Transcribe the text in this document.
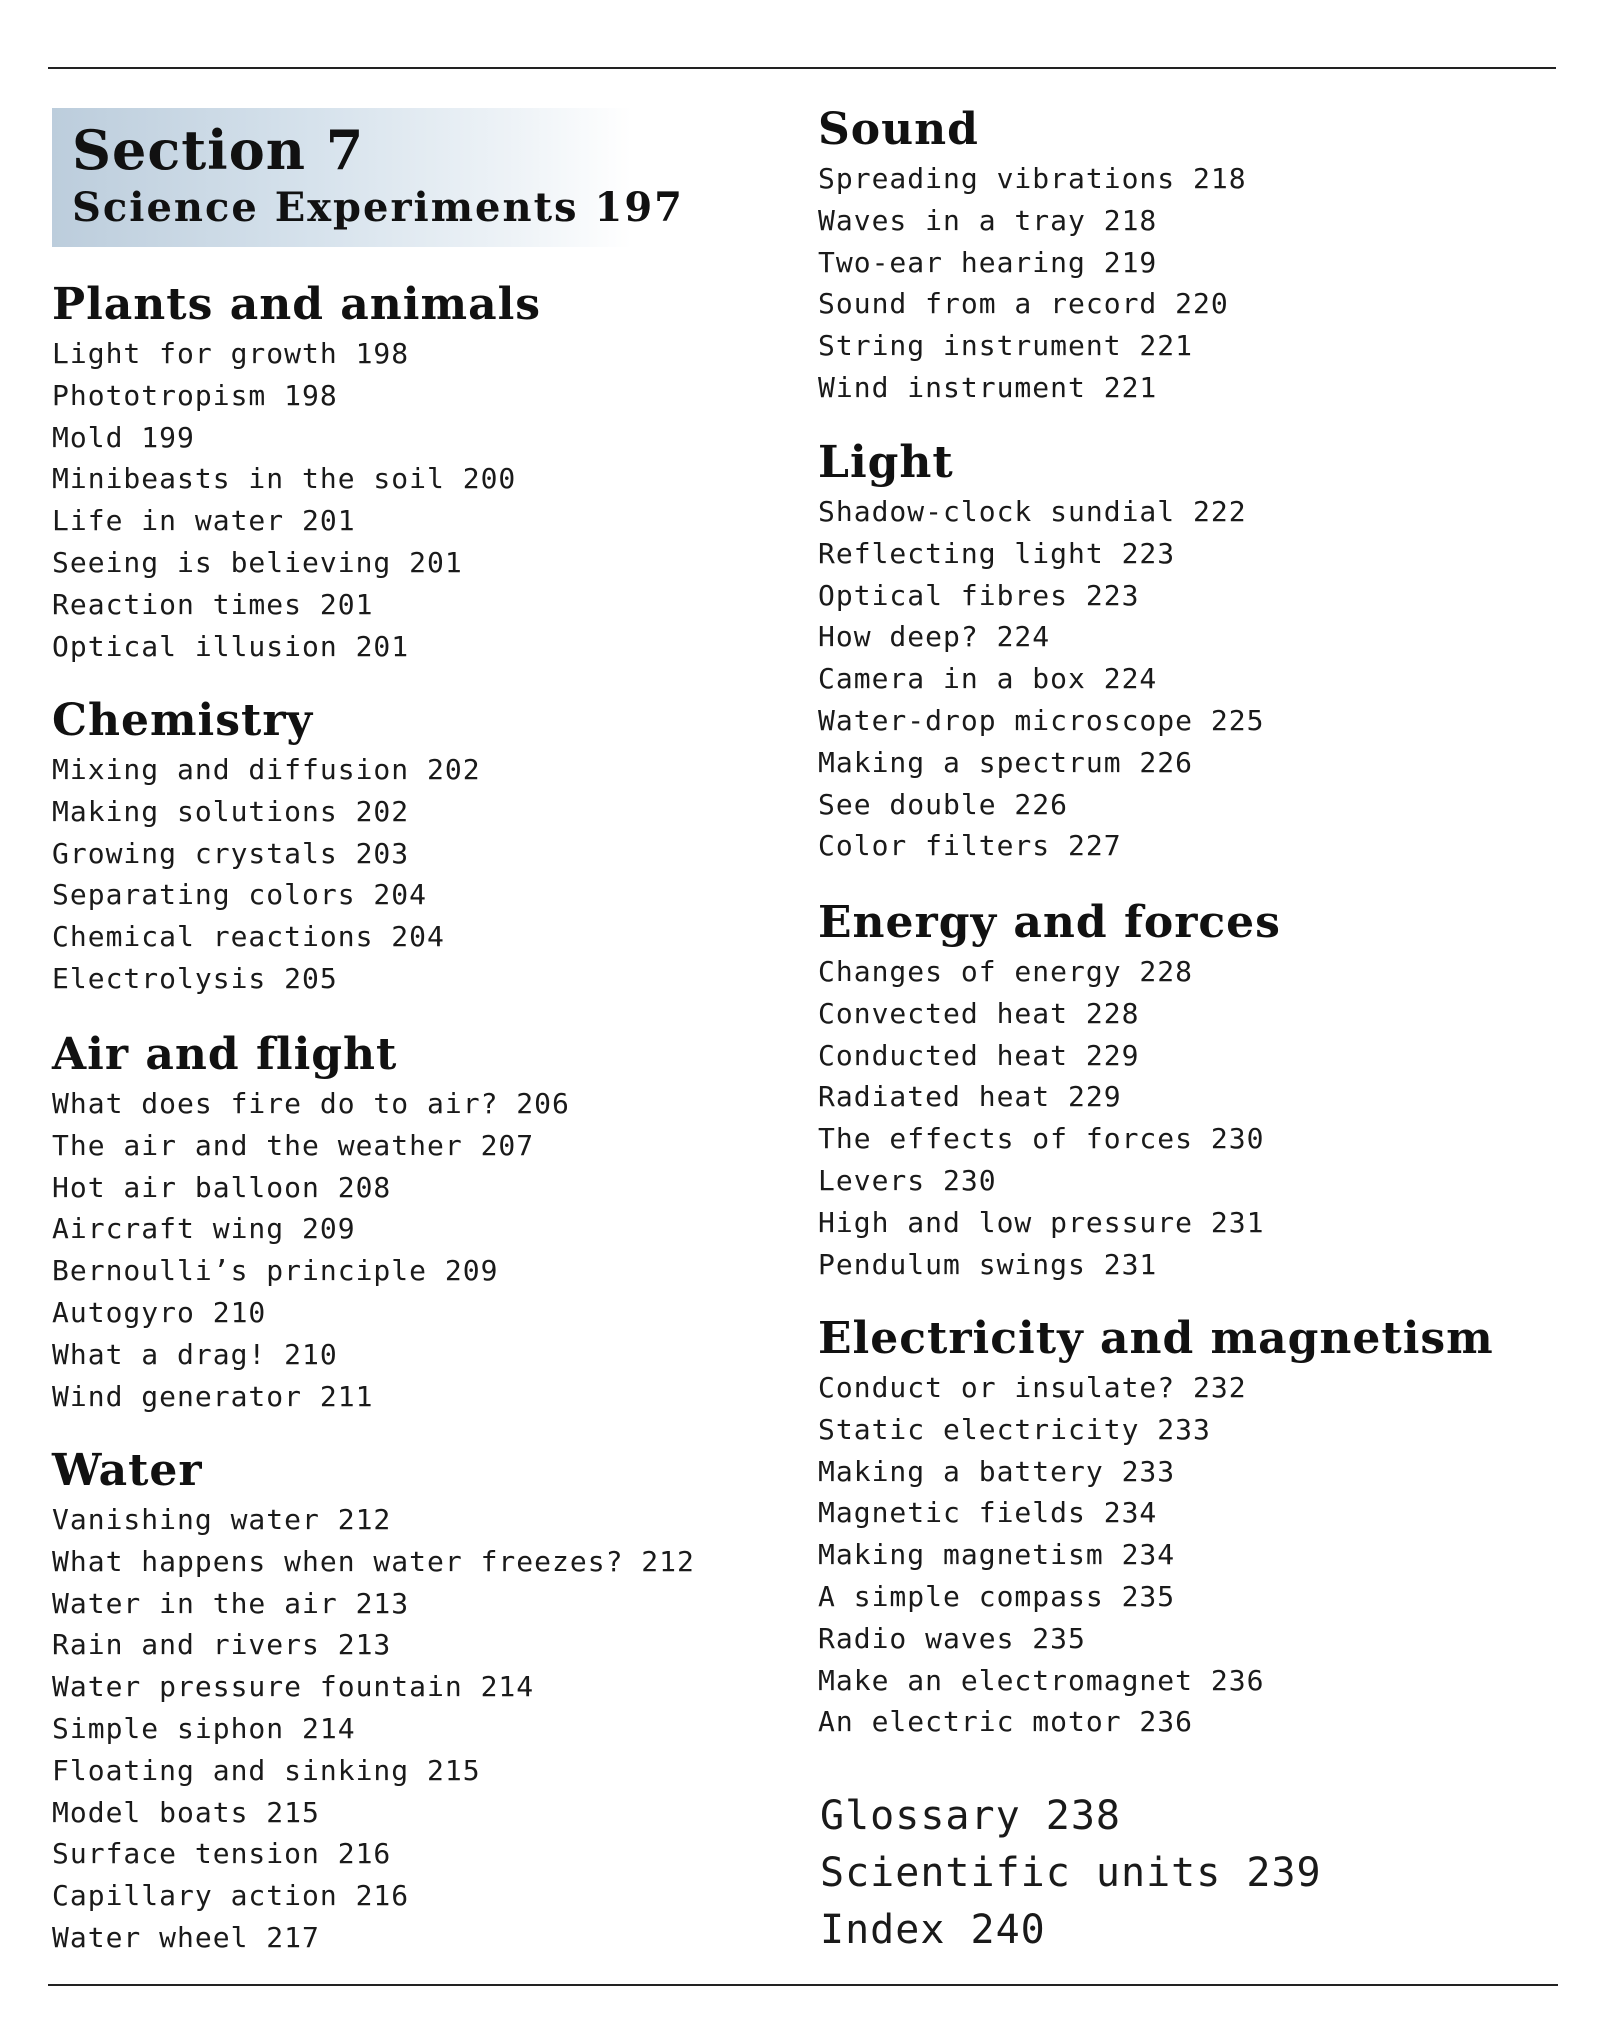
Section 7
Science Experiments 197
Plants and animals
Light for growth 198
Phototropism 198
Mold 199
Minibeasts in the soil 200
Life in water 201
Seeing is believing 201
Reaction times 201
Optical illusion 201
Chemistry
Mixing and diffusion 202
Making solutions 202
Growing crystals 203
Separating colors 204
Chemical reactions 204
Electrolysis 205
Air and flight
What does fire do to air? 206
The air and the weather 207
Hot air balloon 208
Aircraft wing 209
Bernoulli’s principle 209
Autogyro 210
What a drag! 210
Wind generator 211
Water
Vanishing water 212
What happens when water freezes? 212
Water in the air 213
Rain and rivers 213
Water pressure fountain 214
Simple siphon 214
Floating and sinking 215
Model boats 215
Surface tension 216
Capillary action 216
Water wheel 217
Sound
Spreading vibrations 218
Waves in a tray 218
Two-ear hearing 219
Sound from a record 220
String instrument 221
Wind instrument 221
Light
Shadow-clock sundial 222
Reflecting light 223
Optical fibres 223
How deep? 224
Camera in a box 224
Water-drop microscope 225
Making a spectrum 226
See double 226
Color filters 227
Energy and forces
Changes of energy 228
Convected heat 228
Conducted heat 229
Radiated heat 229
The effects of forces 230
Levers 230
High and low pressure 231
Pendulum swings 231
Electricity and magnetism
Conduct or insulate? 232
Static electricity 233
Making a battery 233
Magnetic fields 234
Making magnetism 234
A simple compass 235
Radio waves 235
Make an electromagnet 236
An electric motor 236
Glossary 238
Scientific units 239
Index 240
